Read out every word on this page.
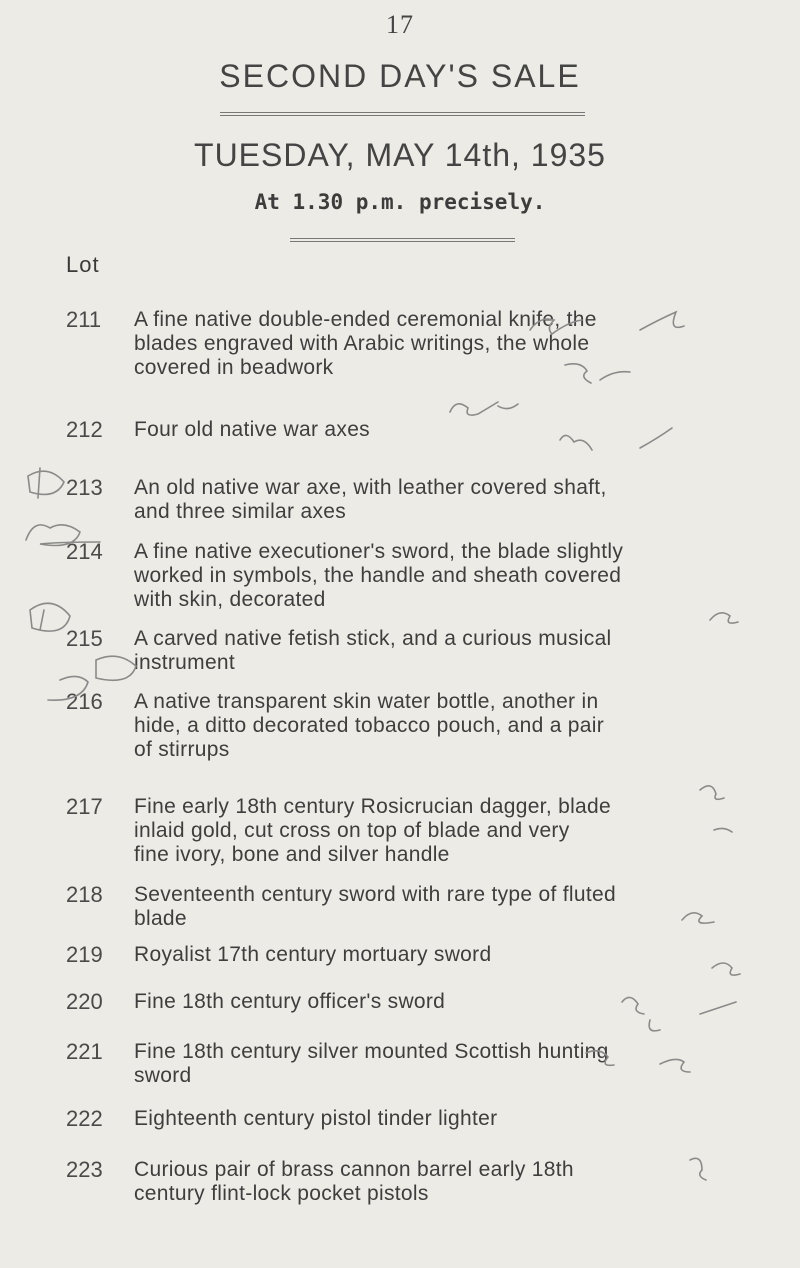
17
SECOND DAY'S SALE
TUESDAY, MAY 14th, 1935
At 1.30 p.m. precisely.
Lot
211	A fine native double-ended ceremonial knife, the
blades engraved with Arabic writings, the whole
covered in beadwork
212	Four old native war axes
213	An old native war axe, with leather covered shaft,
and three similar axes
214	A fine native executioner's sword, the blade slightly
worked in symbols, the handle and sheath covered
with skin, decorated
215	A carved native fetish stick, and a curious musical
instrument
216	A native transparent skin water bottle, another in
hide, a ditto decorated tobacco pouch, and a pair
of stirrups
217	Fine early 18th century Rosicrucian dagger, blade
inlaid gold, cut cross on top of blade and very
fine ivory, bone and silver handle
218	Seventeenth century sword with rare type of fluted
blade
219	Royalist 17th century mortuary sword
220	Fine 18th century officer's sword
221	Fine 18th century silver mounted Scottish hunting
sword
222	Eighteenth century pistol tinder lighter
223	Curious pair of brass cannon barrel early 18th
century flint-lock pocket pistols
